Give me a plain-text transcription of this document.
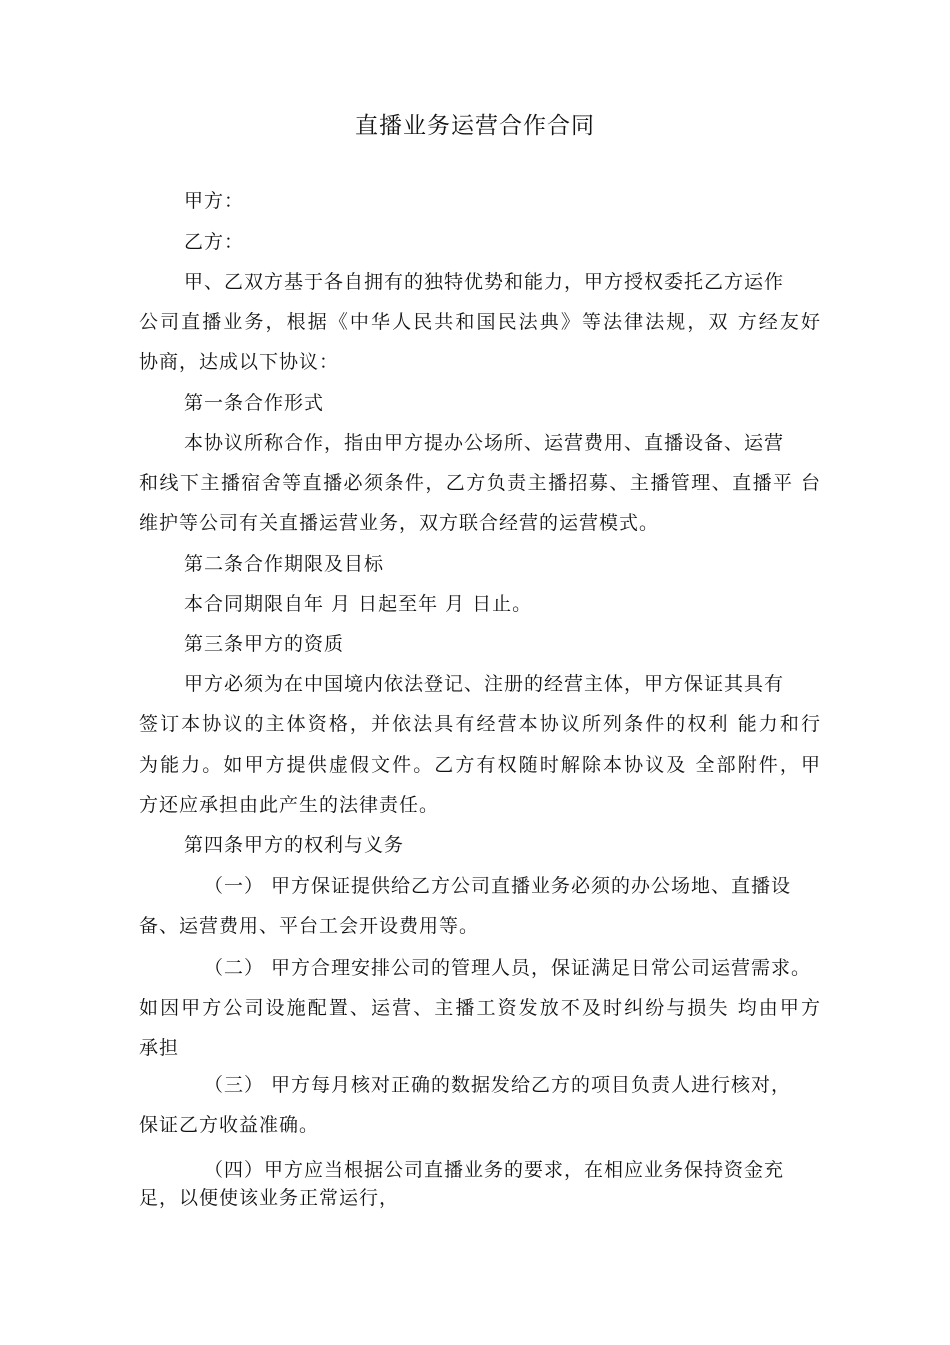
直播业务运营合作合同
甲方：
乙方：
甲、乙双方基于各自拥有的独特优势和能力，甲方授权委托乙方运作
公司直播业务，根据《中华人民共和国民法典》等法律法规，双 方经友好
协商，达成以下协议：
第一条合作形式
本协议所称合作，指由甲方提办公场所、运营费用、直播设备、运营
和线下主播宿舍等直播必须条件，乙方负责主播招募、主播管理、直播平 台
维护等公司有关直播运营业务，双方联合经营的运营模式。
第二条合作期限及目标
本合同期限自年 月 日起至年 月 日止。
第三条甲方的资质
甲方必须为在中国境内依法登记、注册的经营主体，甲方保证其具有
签订本协议的主体资格，并依法具有经营本协议所列条件的权利 能力和行
为能力。如甲方提供虚假文件。乙方有权随时解除本协议及 全部附件，甲
方还应承担由此产生的法律责任。
第四条甲方的权利与义务
（一） 甲方保证提供给乙方公司直播业务必须的办公场地、直播设
备、运营费用、平台工会开设费用等。
（二） 甲方合理安排公司的管理人员，保证满足日常公司运营需求。
如因甲方公司设施配置、运营、主播工资发放不及时纠纷与损失 均由甲方
承担
（三） 甲方每月核对正确的数据发给乙方的项目负责人进行核对，
保证乙方收益准确。
（四）甲方应当根据公司直播业务的要求，在相应业务保持资金充
足，以便使该业务正常运行，
